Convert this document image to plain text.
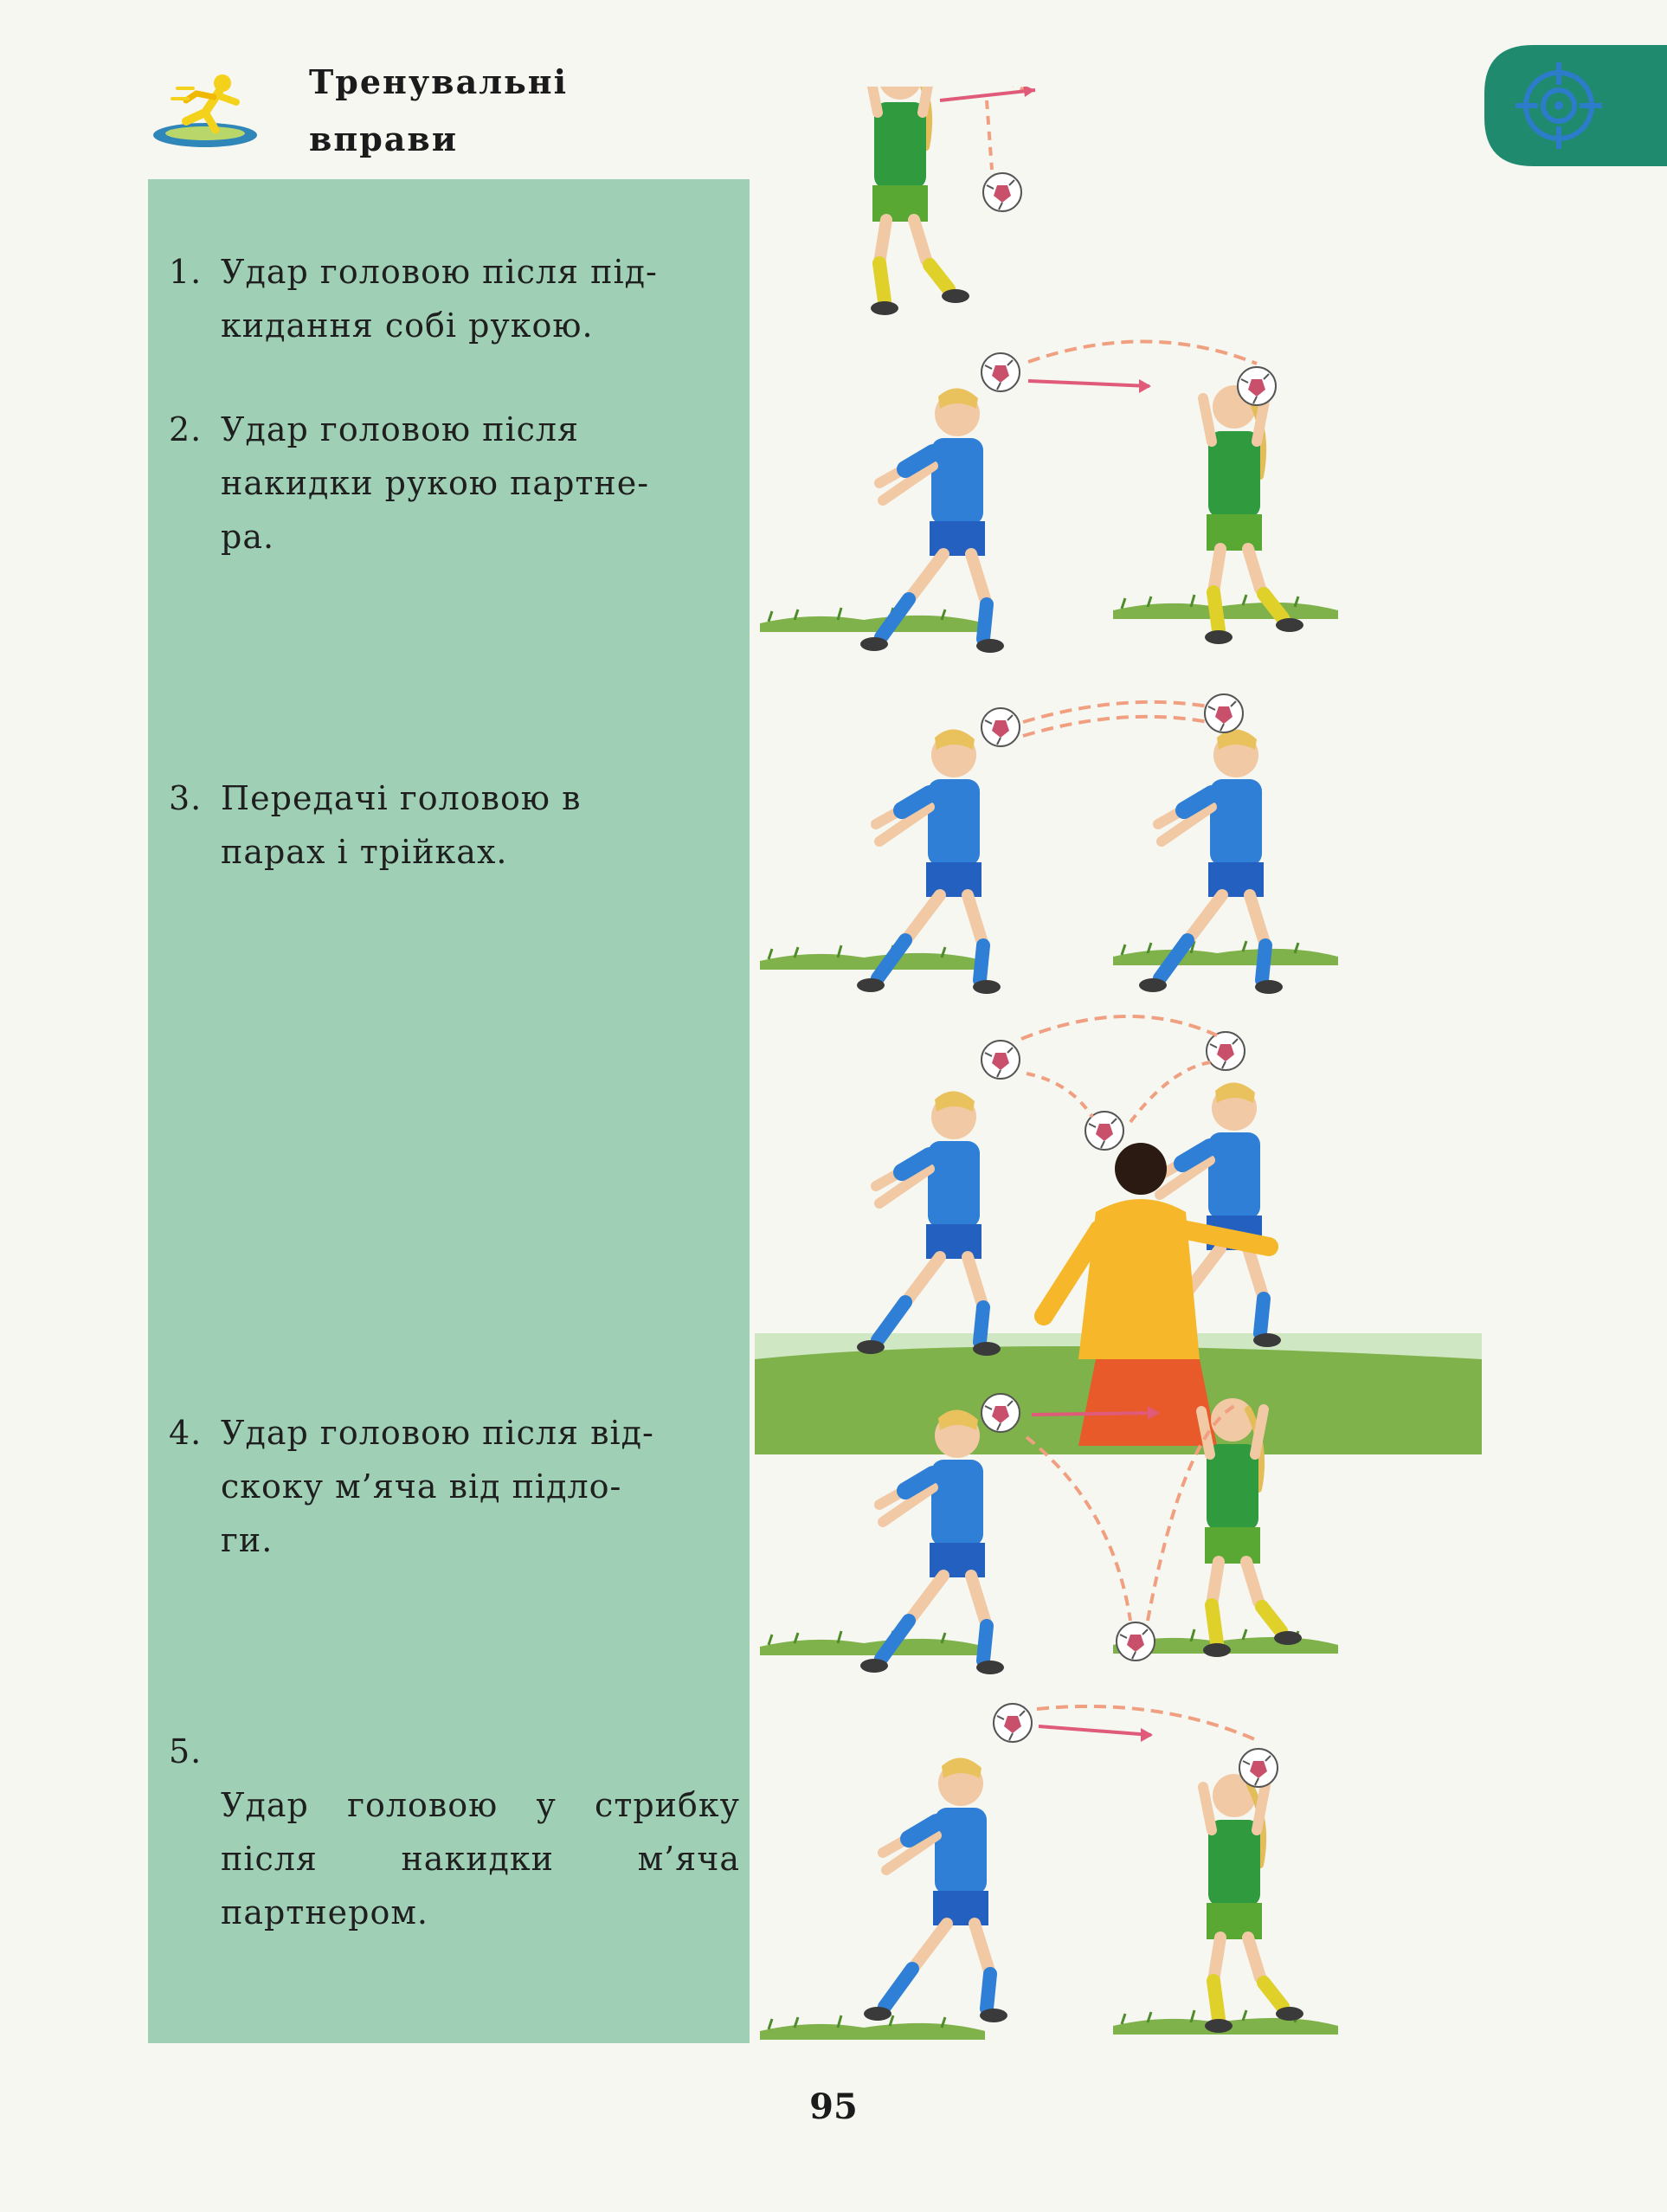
Тренувальні
вправи
1. Удар головою після під-
кидання собі рукою.
2. Удар головою після
накидки рукою партне-
ра.
3. Передачі головою в
парах і трійках.
4. Удар головою після від-
скоку м’яча від підло-
ги.
5.

Удар головою у стрибку після накидки м’яча

партнером.

95
